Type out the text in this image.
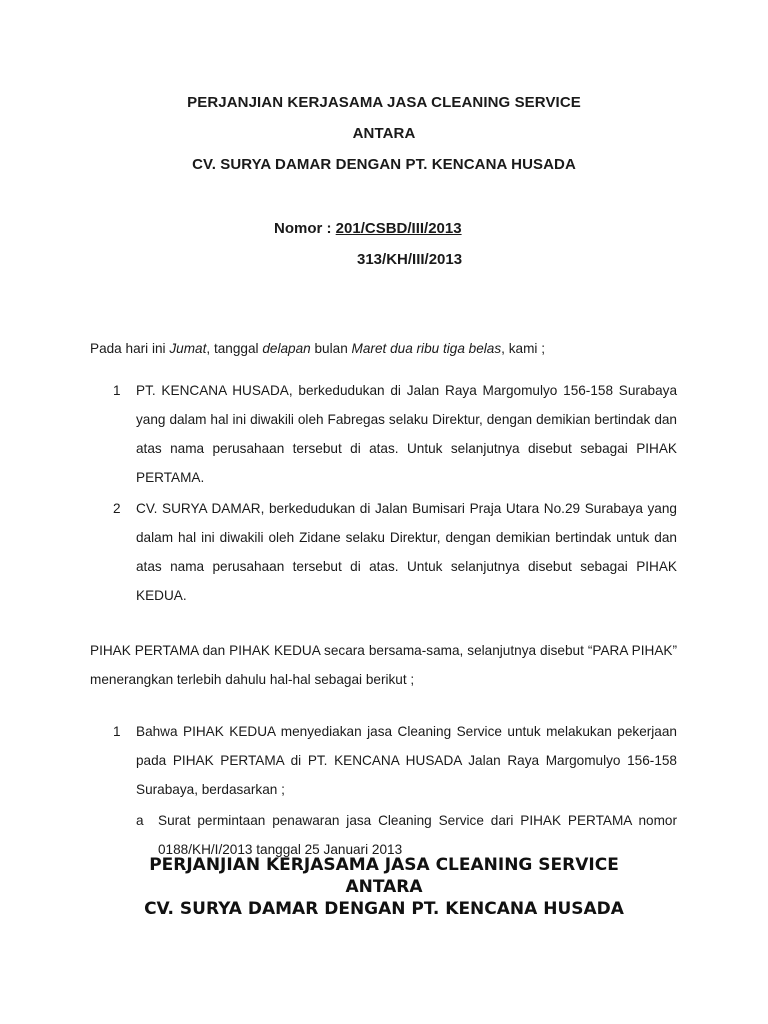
PERJANJIAN KERJASAMA JASA CLEANING SERVICE
ANTARA
CV. SURYA DAMAR DENGAN PT. KENCANA HUSADA
Nomor : 201/CSBD/III/2013
313/KH/III/2013
Pada hari ini Jumat, tanggal delapan bulan Maret dua ribu tiga belas, kami ;
1 PT. KENCANA HUSADA, berkedudukan di Jalan Raya Margomulyo 156-158 Surabaya yang dalam hal ini diwakili oleh Fabregas selaku Direktur, dengan demikian bertindak dan atas nama perusahaan tersebut di atas. Untuk selanjutnya disebut sebagai PIHAK PERTAMA.
2 CV. SURYA DAMAR, berkedudukan di Jalan Bumisari Praja Utara No.29 Surabaya yang dalam hal ini diwakili oleh Zidane selaku Direktur, dengan demikian bertindak untuk dan atas nama perusahaan tersebut di atas. Untuk selanjutnya disebut sebagai PIHAK KEDUA.
PIHAK PERTAMA dan PIHAK KEDUA secara bersama-sama, selanjutnya disebut “PARA PIHAK” menerangkan terlebih dahulu hal-hal sebagai berikut ;
1 Bahwa PIHAK KEDUA menyediakan jasa Cleaning Service untuk melakukan pekerjaan pada PIHAK PERTAMA di PT. KENCANA HUSADA Jalan Raya Margomulyo 156-158 Surabaya, berdasarkan ;
a Surat permintaan penawaran jasa Cleaning Service dari PIHAK PERTAMA nomor 0188/KH/I/2013 tanggal 25 Januari 2013
PERJANJIAN KERJASAMA JASA CLEANING SERVICE
ANTARA
CV. SURYA DAMAR DENGAN PT. KENCANA HUSADA
